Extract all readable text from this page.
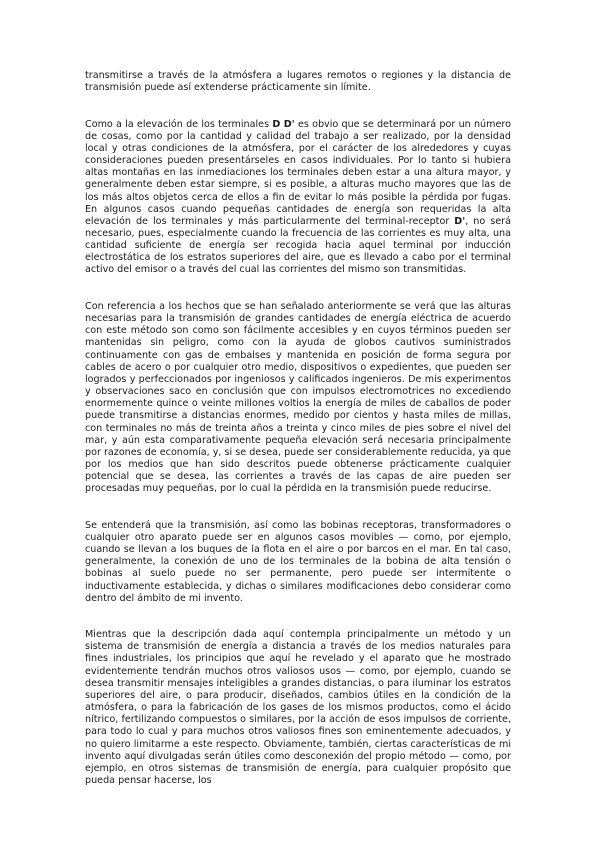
transmitirse a través de la atmósfera a lugares remotos o regiones y la distancia de transmisión puede así extenderse prácticamente sin límite.

Como a la elevación de los terminales D D' es obvio que se determinará por un número de cosas, como por la cantidad y calidad del trabajo a ser realizado, por la densidad local y otras condiciones de la atmósfera, por el carácter de los alrededores y cuyas consideraciones pueden presentárseles en casos individuales. Por lo tanto si hubiera altas montañas en las inmediaciones los terminales deben estar a una altura mayor, y generalmente deben estar siempre, si es posible, a alturas mucho mayores que las de los más altos objetos cerca de ellos a fin de evitar lo más posible la pérdida por fugas. En algunos casos cuando pequeñas cantidades de energía son requeridas la alta elevación de los terminales y más particularmente del terminal-receptor D', no será necesario, pues, especialmente cuando la frecuencia de las corrientes es muy alta, una cantidad suficiente de energía ser recogida hacia aquel terminal por inducción electrostática de los estratos superiores del aire, que es llevado a cabo por el terminal activo del emisor o a través del cual las corrientes del mismo son transmitidas.

Con referencia a los hechos que se han señalado anteriormente se verá que las alturas necesarias para la transmisión de grandes cantidades de energía eléctrica de acuerdo con este método son como son fácilmente accesibles y en cuyos términos pueden ser mantenidas sin peligro, como con la ayuda de globos cautivos suministrados continuamente con gas de embalses y mantenida en posición de forma segura por cables de acero o por cualquier otro medio, dispositivos o expedientes, que pueden ser logrados y perfeccionados por ingeniosos y calificados ingenieros. De mis experimentos y observaciones saco en conclusión que con impulsos electromotrices no excediendo enormemente quince o veinte millones voltios la energía de miles de caballos de poder puede transmitirse a distancias enormes, medido por cientos y hasta miles de millas, con terminales no más de treinta años a treinta y cinco miles de pies sobre el nivel del mar, y aún esta comparativamente pequeña elevación será necesaria principalmente por razones de economía, y, si se desea, puede ser considerablemente reducida, ya que por los medios que han sido descritos puede obtenerse prácticamente cualquier potencial que se desea, las corrientes a través de las capas de aire pueden ser procesadas muy pequeñas, por lo cual la pérdida en la transmisión puede reducirse.

Se entenderá que la transmisión, así como las bobinas receptoras, transformadores o cualquier otro aparato puede ser en algunos casos movibles — como, por ejemplo, cuando se llevan a los buques de la flota en el aire o por barcos en el mar. En tal caso, generalmente, la conexión de uno de los terminales de la bobina de alta tensión o bobinas al suelo puede no ser permanente, pero puede ser intermitente o inductivamente establecida, y dichas o similares modificaciones debo considerar como dentro del ámbito de mi invento.

Mientras que la descripción dada aquí contempla principalmente un método y un sistema de transmisión de energía a distancia a través de los medios naturales para fines industriales, los principios que aquí he revelado y el aparato que he mostrado evidentemente tendrán muchos otros valiosos usos — como, por ejemplo, cuando se desea transmitir mensajes inteligibles a grandes distancias, o para iluminar los estratos superiores del aire, o para producir, diseñados, cambios útiles en la condición de la atmósfera, o para la fabricación de los gases de los mismos productos, como el ácido nítrico, fertilizando compuestos o similares, por la acción de esos impulsos de corriente, para todo lo cual y para muchos otros valiosos fines son eminentemente adecuados, y no quiero limitarme a este respecto. Obviamente, también, ciertas características de mi invento aquí divulgadas serán útiles como desconexión del propio método — como, por ejemplo, en otros sistemas de transmisión de energía, para cualquier propósito que pueda pensar hacerse, los
